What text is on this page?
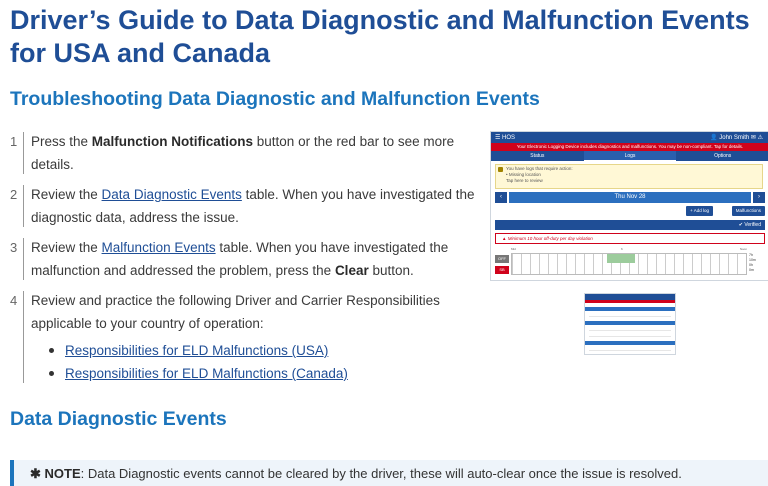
Driver’s Guide to Data Diagnostic and Malfunction Events for USA and Canada
Troubleshooting Data Diagnostic and Malfunction Events
1	Press the Malfunction Notifications button or the red bar to see more details.
2	Review the Data Diagnostic Events table. When you have investigated the diagnostic data, address the issue.
3	Review the Malfunction Events table. When you have investigated the malfunction and addressed the problem, press the Clear button.
4	Review and practice the following Driver and Carrier Responsibilities applicable to your country of operation:
Responsibilities for ELD Malfunctions (USA)
Responsibilities for ELD Malfunctions (Canada)
☰ HOS	👤 John Smith ✉ ⚠
Your Electronic Logging Device includes diagnostics and malfunctions. You may be non-compliant. Tap for details.
Status	Logs	Options
You have logs that require action:
• Missing location
Tap here to review
‹	Thu Nov 28	›
+ Add log	Malfunctions
✔ Verified
▲ Minimum 10 hour off-duty per day violation
Mid	6	Noon
OFF
SB
7h
10m
0h
0m
Data Diagnostic Events
✱ NOTE: Data Diagnostic events cannot be cleared by the driver, these will auto-clear once the issue is resolved.
